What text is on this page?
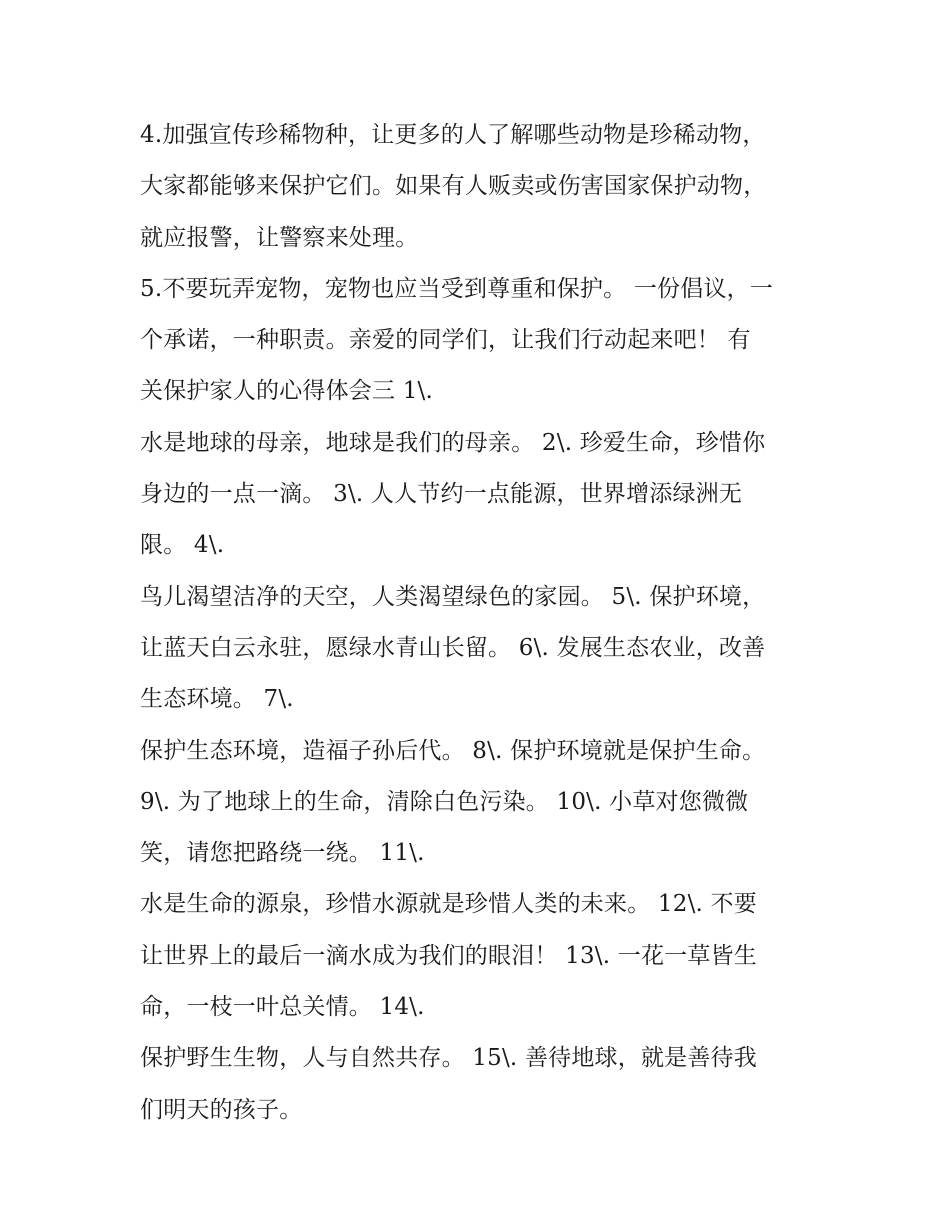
4.加强宣传珍稀物种，让更多的人了解哪些动物是珍稀动物，
大家都能够来保护它们。如果有人贩卖或伤害国家保护动物，
就应报警，让警察来处理。
5.不要玩弄宠物，宠物也应当受到尊重和保护。 一份倡议，一
个承诺，一种职责。亲爱的同学们，让我们行动起来吧！ 有
关保护家人的心得体会三 1\.
水是地球的母亲，地球是我们的母亲。 2\. 珍爱生命，珍惜你
身边的一点一滴。 3\. 人人节约一点能源，世界增添绿洲无
限。 4\.
鸟儿渴望洁净的天空，人类渴望绿色的家园。 5\. 保护环境，
让蓝天白云永驻，愿绿水青山长留。 6\. 发展生态农业，改善
生态环境。 7\.
保护生态环境，造福子孙后代。 8\. 保护环境就是保护生命。
9\. 为了地球上的生命，清除白色污染。 10\. 小草对您微微
笑，请您把路绕一绕。 11\.
水是生命的源泉，珍惜水源就是珍惜人类的未来。 12\. 不要
让世界上的最后一滴水成为我们的眼泪！ 13\. 一花一草皆生
命，一枝一叶总关情。 14\.
保护野生生物，人与自然共存。 15\. 善待地球，就是善待我
们明天的孩子。
